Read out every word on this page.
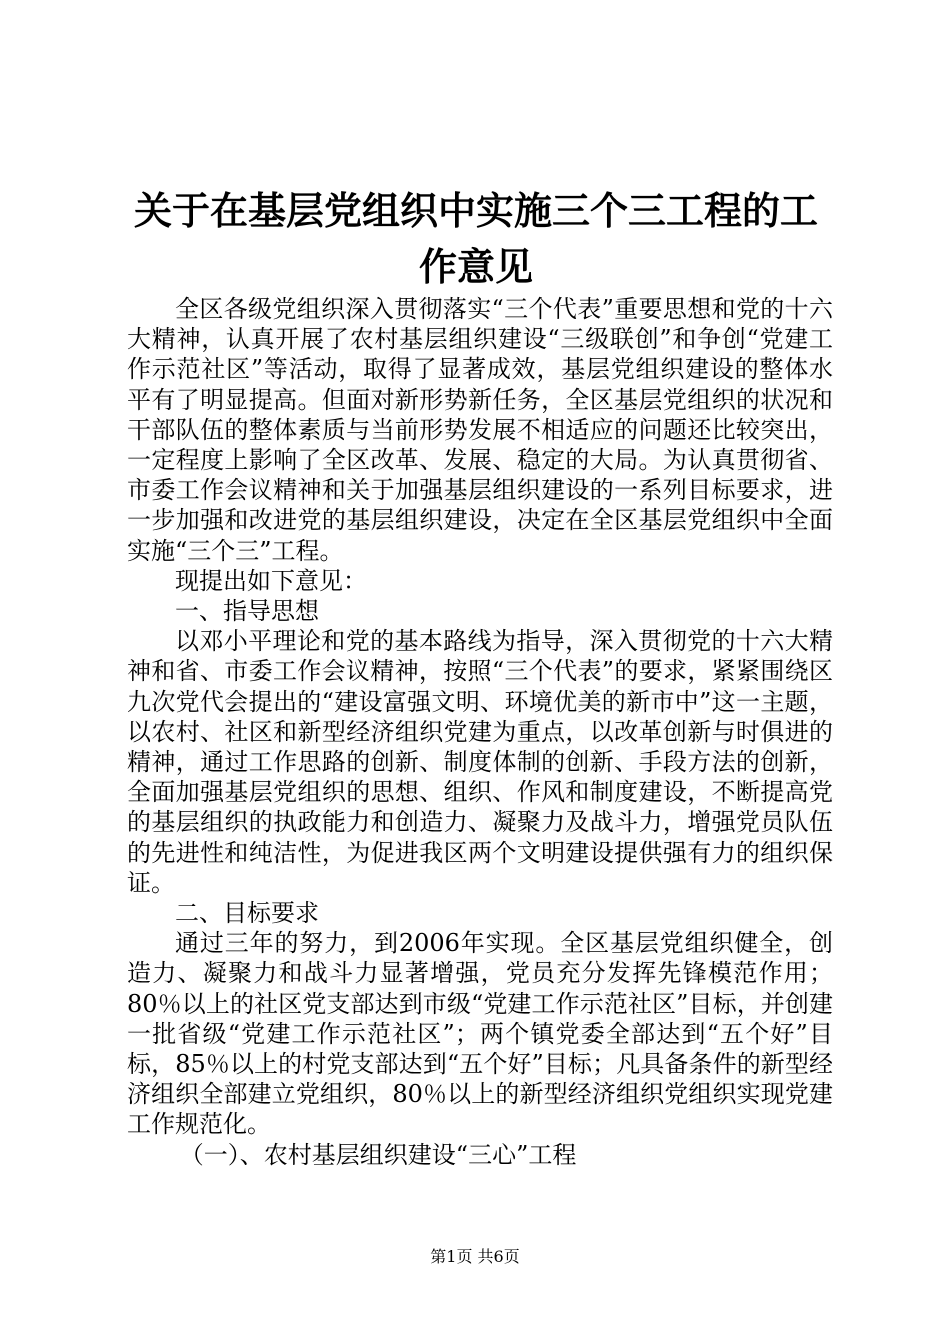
关于在基层党组织中实施三个三工程的工作意见

全区各级党组织深入贯彻落实“三个代表”重要思想和党的十六大精神，认真开展了农村基层组织建设“三级联创”和争创“党建工作示范社区”等活动，取得了显著成效，基层党组织建设的整体水平有了明显提高。但面对新形势新任务，全区基层党组织的状况和干部队伍的整体素质与当前形势发展不相适应的问题还比较突出，一定程度上影响了全区改革、发展、稳定的大局。为认真贯彻省、市委工作会议精神和关于加强基层组织建设的一系列目标要求，进一步加强和改进党的基层组织建设，决定在全区基层党组织中全面实施“三个三”工程。

现提出如下意见：

一、指导思想

以邓小平理论和党的基本路线为指导，深入贯彻党的十六大精神和省、市委工作会议精神，按照“三个代表”的要求，紧紧围绕区九次党代会提出的“建设富强文明、环境优美的新市中”这一主题，以农村、社区和新型经济组织党建为重点，以改革创新与时俱进的精神，通过工作思路的创新、制度体制的创新、手段方法的创新，全面加强基层党组织的思想、组织、作风和制度建设，不断提高党的基层组织的执政能力和创造力、凝聚力及战斗力，增强党员队伍的先进性和纯洁性，为促进我区两个文明建设提供强有力的组织保证。

二、目标要求

通过三年的努力，到2006年实现。全区基层党组织健全，创造力、凝聚力和战斗力显著增强，党员充分发挥先锋模范作用；80％以上的社区党支部达到市级“党建工作示范社区”目标，并创建一批省级“党建工作示范社区”；两个镇党委全部达到“五个好”目标，85％以上的村党支部达到“五个好”目标；凡具备条件的新型经济组织全部建立党组织，80％以上的新型经济组织党组织实现党建工作规范化。

（一）、农村基层组织建设“三心”工程

第1页 共6页
